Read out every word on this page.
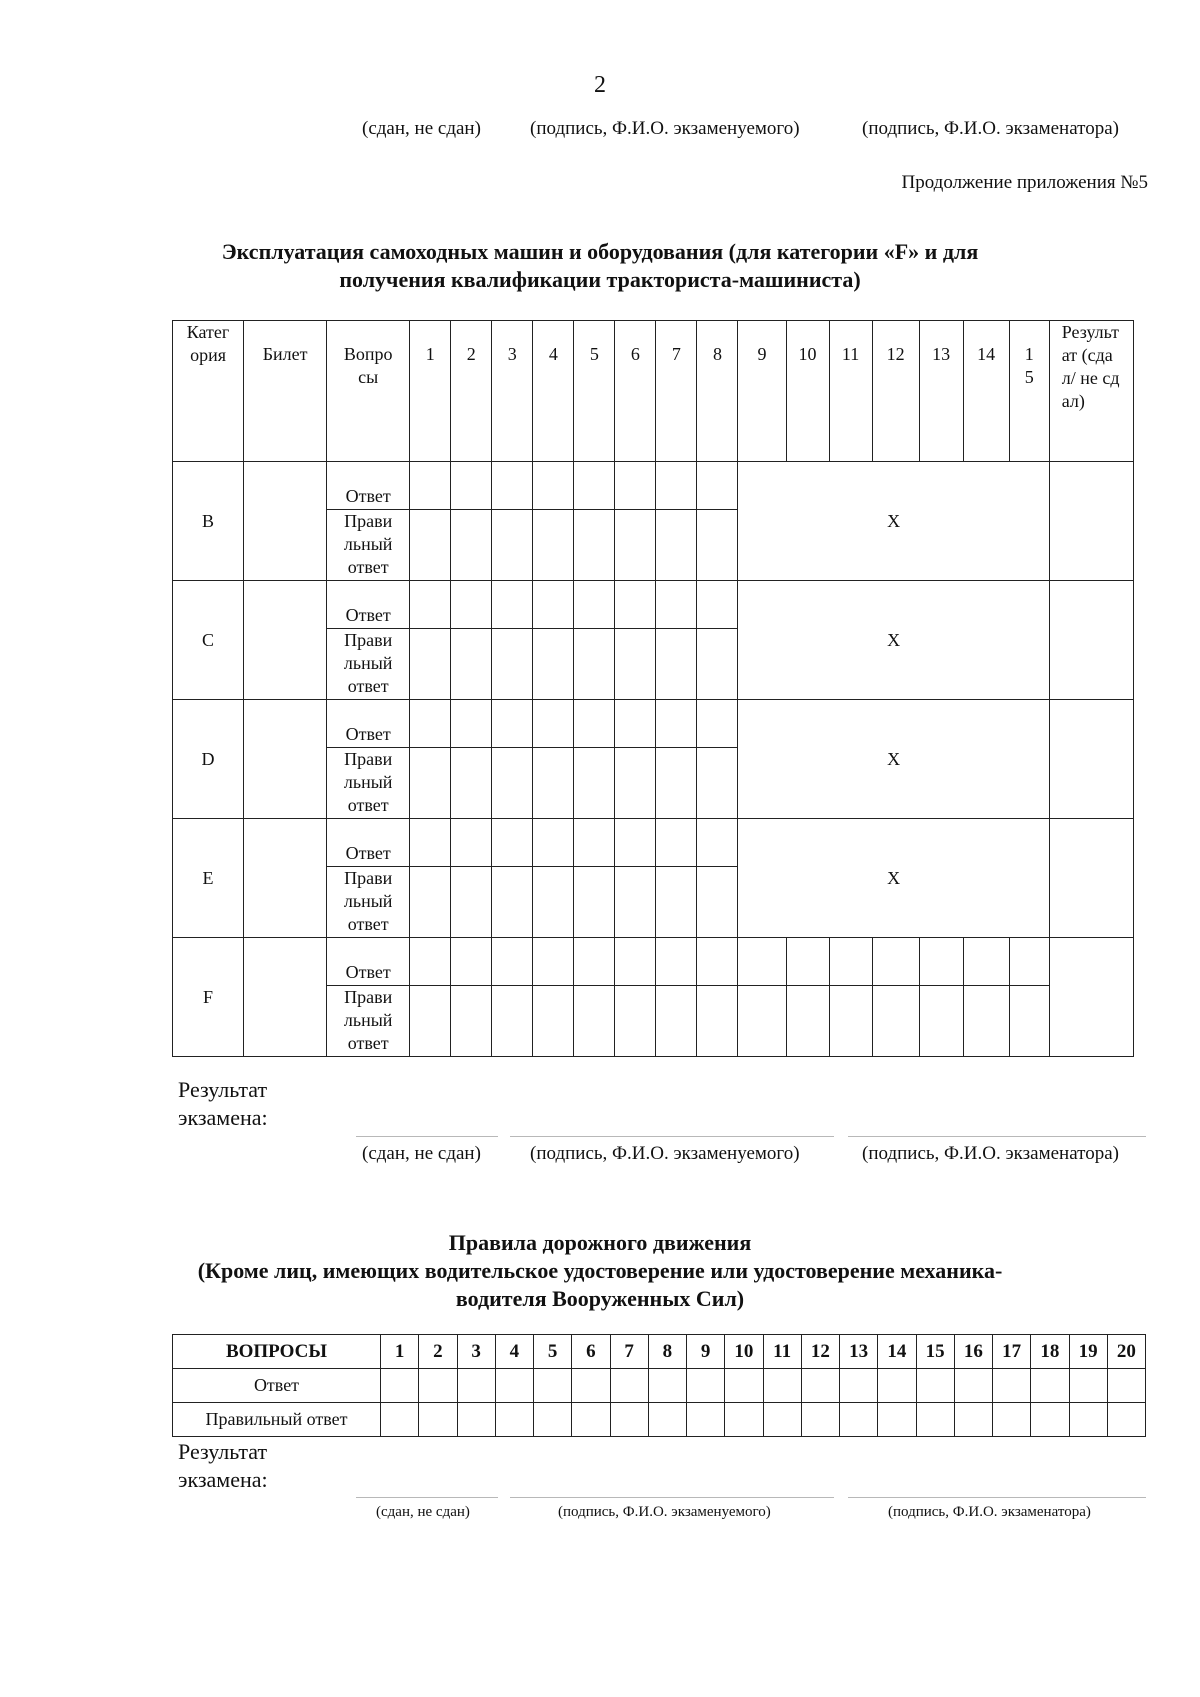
2
(сдан, не сдан)	(подпись, Ф.И.О. экзаменуемого)	(подпись, Ф.И.О. экзаменатора)
Продолжение приложения №5
Эксплуатация самоходных машин и оборудования (для категории «F» и для
получения квалификации тракториста-машиниста)
Категория	Билет	Вопросы	1	2	3	4	5	6	7	8	9	10	11	12	13	14	15	Результат (сдал/ не сдал)

B		Ответ									X							

		Правильный ответ																

C		Ответ									X							

		Правильный ответ																

D		Ответ									X							

		Правильный ответ																

E		Ответ									X							

		Правильный ответ																

F		Ответ																

		Правильный ответ																

Результат экзамена:
(сдан, не сдан)	(подпись, Ф.И.О. экзаменуемого)	(подпись, Ф.И.О. экзаменатора)
Правила дорожного движения
(Кроме лиц, имеющих водительское удостоверение или удостоверение механика-
водителя Вооруженных Сил)
ВОПРОСЫ	1	2	3	4	5	6	7	8	9	10	11	12	13	14	15	16	17	18	19	20
Ответ																				
Правильный ответ																				
Результат экзамена:
(сдан, не сдан)	(подпись, Ф.И.О. экзаменуемого)	(подпись, Ф.И.О. экзаменатора)
